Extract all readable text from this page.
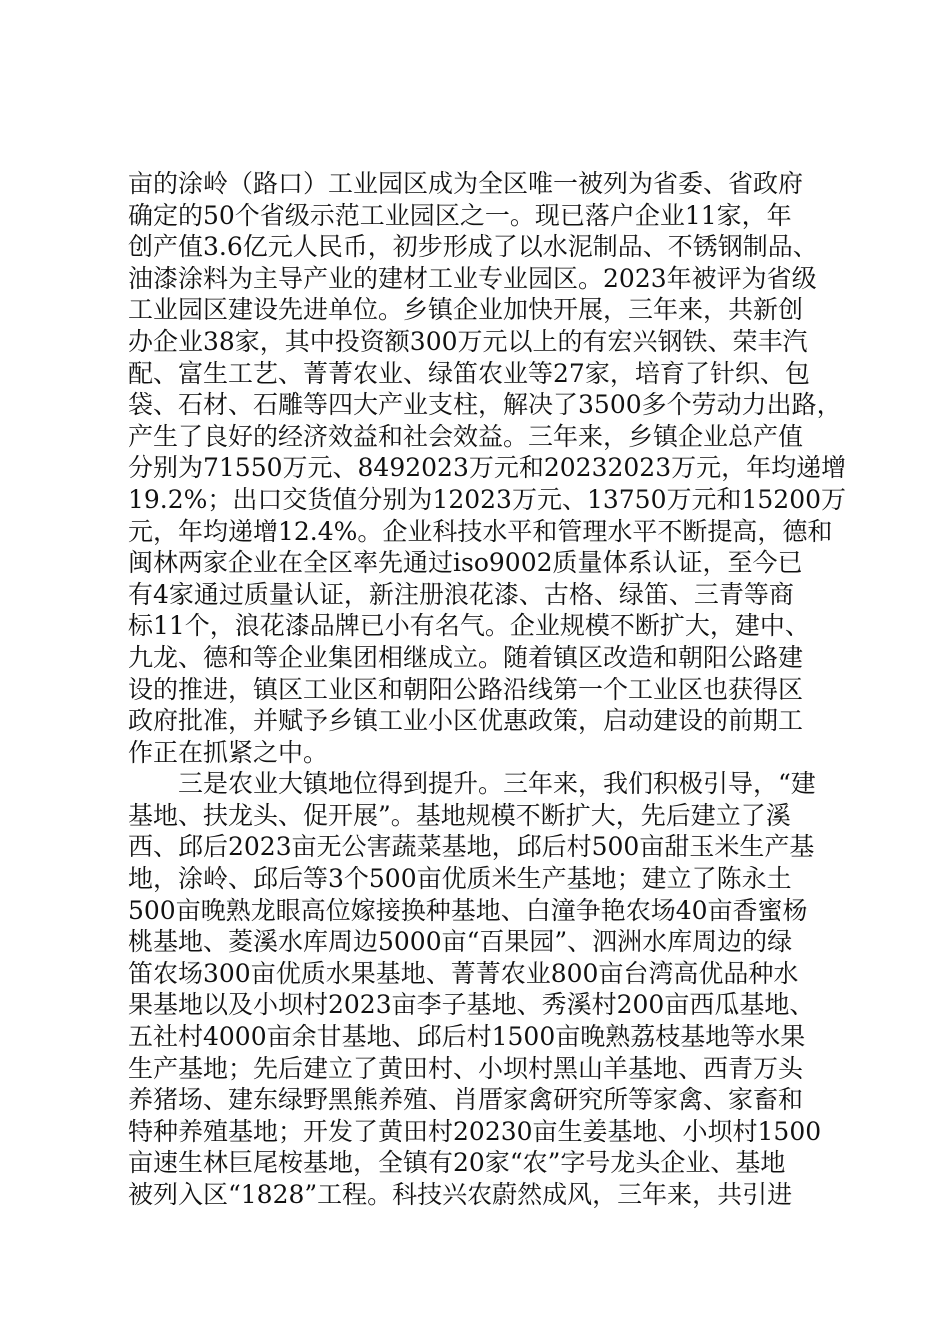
亩的涂岭（路口）工业园区成为全区唯一被列为省委、省政府
确定的50个省级示范工业园区之一。现已落户企业11家，年
创产值3.6亿元人民币，初步形成了以水泥制品、不锈钢制品、
油漆涂料为主导产业的建材工业专业园区。2023年被评为省级
工业园区建设先进单位。乡镇企业加快开展，三年来，共新创
办企业38家，其中投资额300万元以上的有宏兴钢铁、荣丰汽
配、富生工艺、菁菁农业、绿笛农业等27家，培育了针织、包
袋、石材、石雕等四大产业支柱，解决了3500多个劳动力出路，
产生了良好的经济效益和社会效益。三年来，乡镇企业总产值
分别为71550万元、8492023万元和20232023万元，年均递增
19.2%；出口交货值分别为12023万元、13750万元和15200万
元，年均递增12.4%。企业科技水平和管理水平不断提高，德和
闽林两家企业在全区率先通过iso9002质量体系认证，至今已
有4家通过质量认证，新注册浪花漆、古格、绿笛、三青等商
标11个，浪花漆品牌已小有名气。企业规模不断扩大，建中、
九龙、德和等企业集团相继成立。随着镇区改造和朝阳公路建
设的推进，镇区工业区和朝阳公路沿线第一个工业区也获得区
政府批准，并赋予乡镇工业小区优惠政策，启动建设的前期工
作正在抓紧之中。
三是农业大镇地位得到提升。三年来，我们积极引导，“建
基地、扶龙头、促开展”。基地规模不断扩大，先后建立了溪
西、邱后2023亩无公害蔬菜基地，邱后村500亩甜玉米生产基
地，涂岭、邱后等3个500亩优质米生产基地；建立了陈永土
500亩晚熟龙眼高位嫁接换种基地、白潼争艳农场40亩香蜜杨
桃基地、菱溪水库周边5000亩“百果园”、泗洲水库周边的绿
笛农场300亩优质水果基地、菁菁农业800亩台湾高优品种水
果基地以及小坝村2023亩李子基地、秀溪村200亩西瓜基地、
五社村4000亩余甘基地、邱后村1500亩晚熟荔枝基地等水果
生产基地；先后建立了黄田村、小坝村黑山羊基地、西青万头
养猪场、建东绿野黑熊养殖、肖厝家禽研究所等家禽、家畜和
特种养殖基地；开发了黄田村20230亩生姜基地、小坝村1500
亩速生林巨尾桉基地，全镇有20家“农”字号龙头企业、基地
被列入区“1828”工程。科技兴农蔚然成风，三年来，共引进
